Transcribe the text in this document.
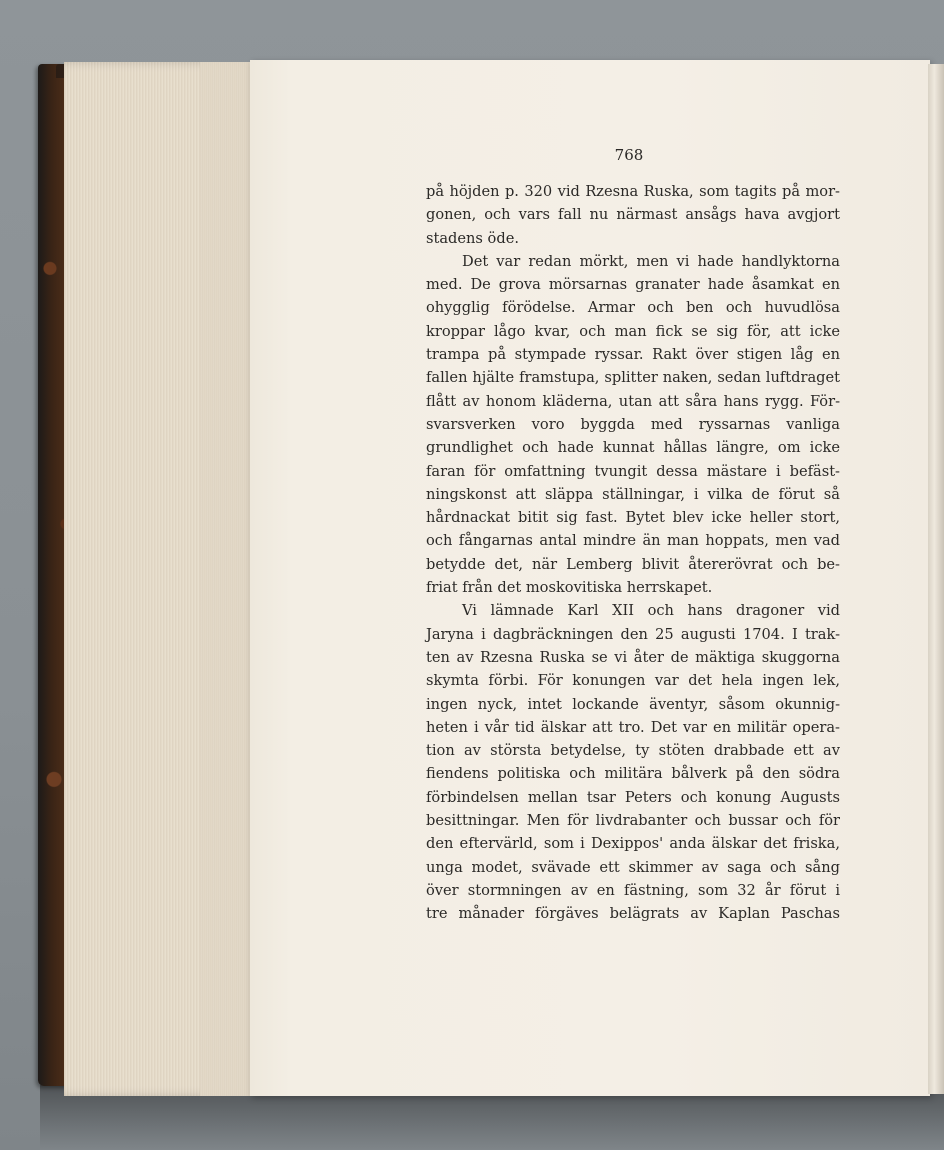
768
på höjden p. 320 vid Rzesna Ruska, som tagits på mor-
gonen, och vars fall nu närmast ansågs hava avgjort
stadens öde.
Det var redan mörkt, men vi hade handlyktorna
med. De grova mörsarnas granater hade åsamkat en
ohygglig förödelse. Armar och ben och huvudlösa
kroppar lågo kvar, och man fick se sig för, att icke
trampa på stympade ryssar. Rakt över stigen låg en
fallen hjälte framstupa, splitter naken, sedan luftdraget
flått av honom kläderna, utan att såra hans rygg. För-
svarsverken voro byggda med ryssarnas vanliga
grundlighet och hade kunnat hållas längre, om icke
faran för omfattning tvungit dessa mästare i befäst-
ningskonst att släppa ställningar, i vilka de förut så
hårdnackat bitit sig fast. Bytet blev icke heller stort,
och fångarnas antal mindre än man hoppats, men vad
betydde det, när Lemberg blivit återerövrat och be-
friat från det moskovitiska herrskapet.
Vi lämnade Karl XII och hans dragoner vid
Jaryna i dagbräckningen den 25 augusti 1704. I trak-
ten av Rzesna Ruska se vi åter de mäktiga skuggorna
skymta förbi. För konungen var det hela ingen lek,
ingen nyck, intet lockande äventyr, såsom okunnig-
heten i vår tid älskar att tro. Det var en militär opera-
tion av största betydelse, ty stöten drabbade ett av
fiendens politiska och militära bålverk på den södra
förbindelsen mellan tsar Peters och konung Augusts
besittningar. Men för livdrabanter och bussar och för
den eftervärld, som i Dexippos' anda älskar det friska,
unga modet, svävade ett skimmer av saga och sång
över stormningen av en fästning, som 32 år förut i
tre månader förgäves belägrats av Kaplan Paschas
